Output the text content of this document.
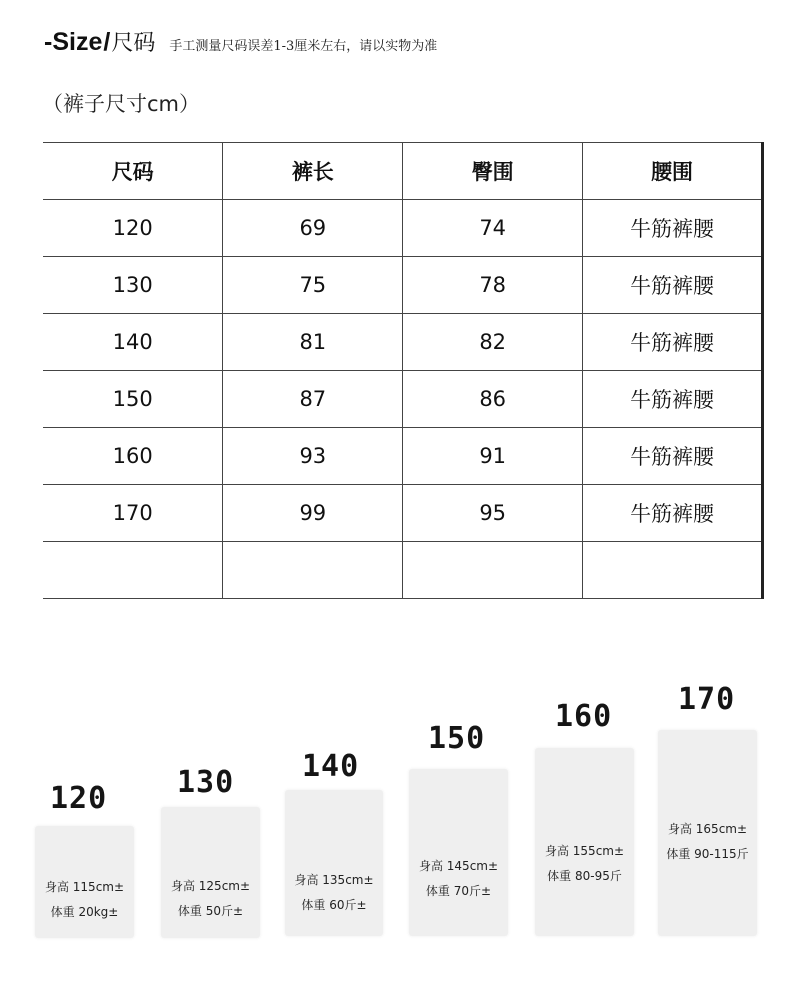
-Size / 尺码 手工测量尺码误差1-3厘米左右，请以实物为准
（裤子尺寸cm）
尺码	裤长	臀围	腰围
120	69	74	牛筋裤腰
130	75	78	牛筋裤腰
140	81	82	牛筋裤腰
150	87	86	牛筋裤腰
160	93	91	牛筋裤腰
170	99	95	牛筋裤腰

120
身高 115cm±
体重 20kg±
130
身高 125cm±
体重 50斤±
140
身高 135cm±
体重 60斤±
150
身高 145cm±
体重 70斤±
160
身高 155cm±
体重 80-95斤
170
身高 165cm±
体重 90-115斤
